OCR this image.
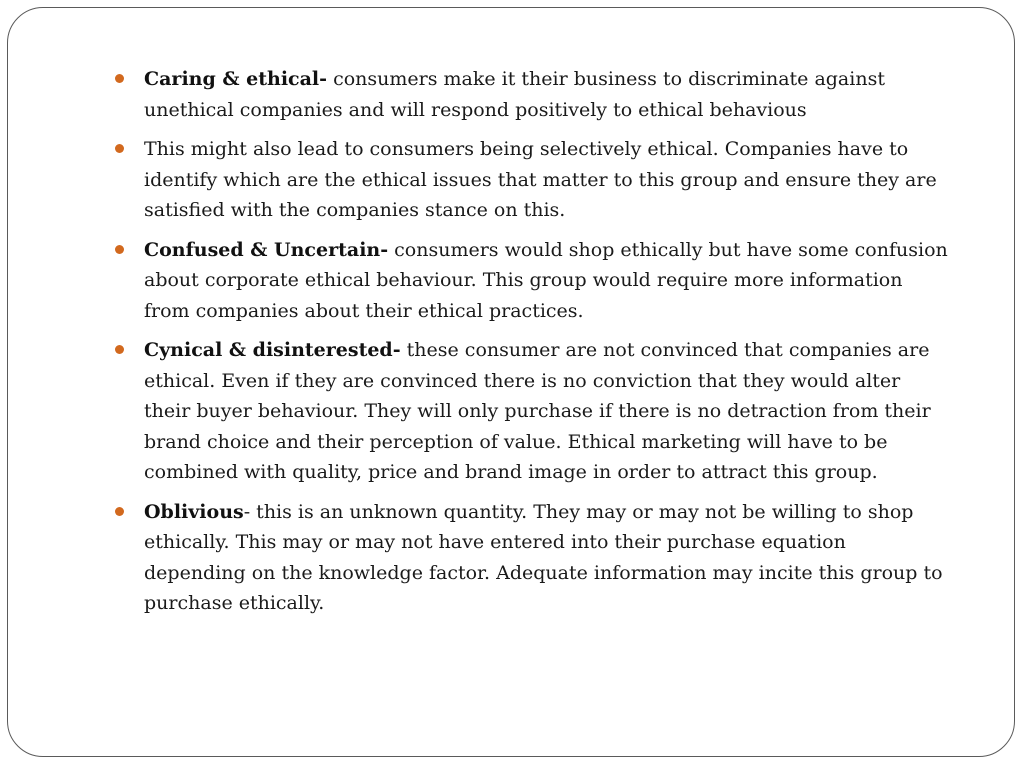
Caring & ethical- consumers make it their business to discriminate against unethical companies and will respond positively to ethical behavious
This might also lead to consumers being selectively ethical. Companies have to identify which are the ethical issues that matter to this group and ensure they are satisfied with the companies stance on this.
Confused & Uncertain- consumers would shop ethically but have some confusion about corporate ethical behaviour. This group would require more information from companies about their ethical practices.
Cynical & disinterested- these consumer are not convinced that companies are ethical. Even if they are convinced there is no conviction that they would alter their buyer behaviour. They will only purchase if there is no detraction from their brand choice and their perception of value. Ethical marketing will have to be combined with quality, price and brand image in order to attract this group.
Oblivious- this is an unknown quantity. They may or may not be willing to shop ethically. This may or may not have entered into their purchase equation depending on the knowledge factor. Adequate information may incite this group to purchase ethically.
